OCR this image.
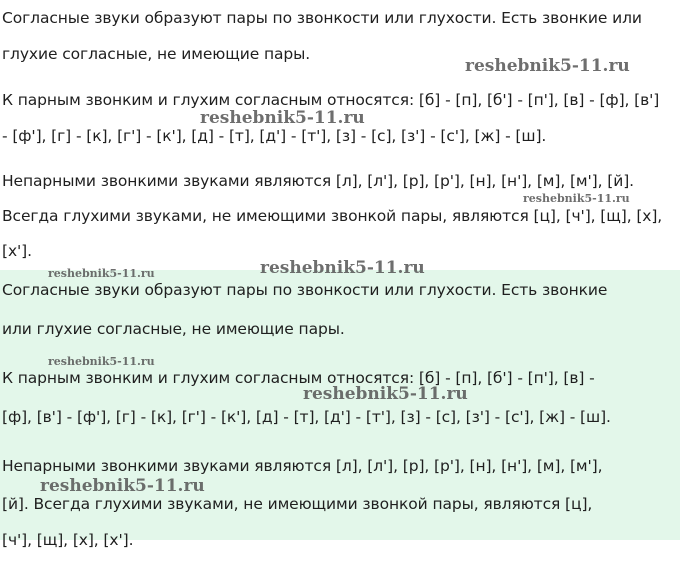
Согласные звуки образуют пары по звонкости или глухости. Есть звонкие или
глухие согласные, не имеющие пары.
К парным звонким и глухим согласным относятся: [б] - [п], [б'] - [п'], [в] - [ф], [в']
- [ф'], [г] - [к], [г'] - [к'], [д] - [т], [д'] - [т'], [з] - [с], [з'] - [с'], [ж] - [ш].
Непарными звонкими звуками являются [л], [л'], [р], [р'], [н], [н'], [м], [м'], [й].
Всегда глухими звуками, не имеющими звонкой пары, являются [ц], [ч'], [щ], [х],
[х'].
reshebnik5-11.ru
reshebnik5-11.ru
reshebnik5-11.ru
Согласные звуки образуют пары по звонкости или глухости. Есть звонкие
или глухие согласные, не имеющие пары.
К парным звонким и глухим согласным относятся: [б] - [п], [б'] - [п'], [в] -
[ф], [в'] - [ф'], [г] - [к], [г'] - [к'], [д] - [т], [д'] - [т'], [з] - [с], [з'] - [с'], [ж] - [ш].
Непарными звонкими звуками являются [л], [л'], [р], [р'], [н], [н'], [м], [м'],
[й]. Всегда глухими звуками, не имеющими звонкой пары, являются [ц],
[ч'], [щ], [х], [х'].
reshebnik5-11.ru	reshebnik5-11.ru
reshebnik5-11.ru
reshebnik5-11.ru
reshebnik5-11.ru
